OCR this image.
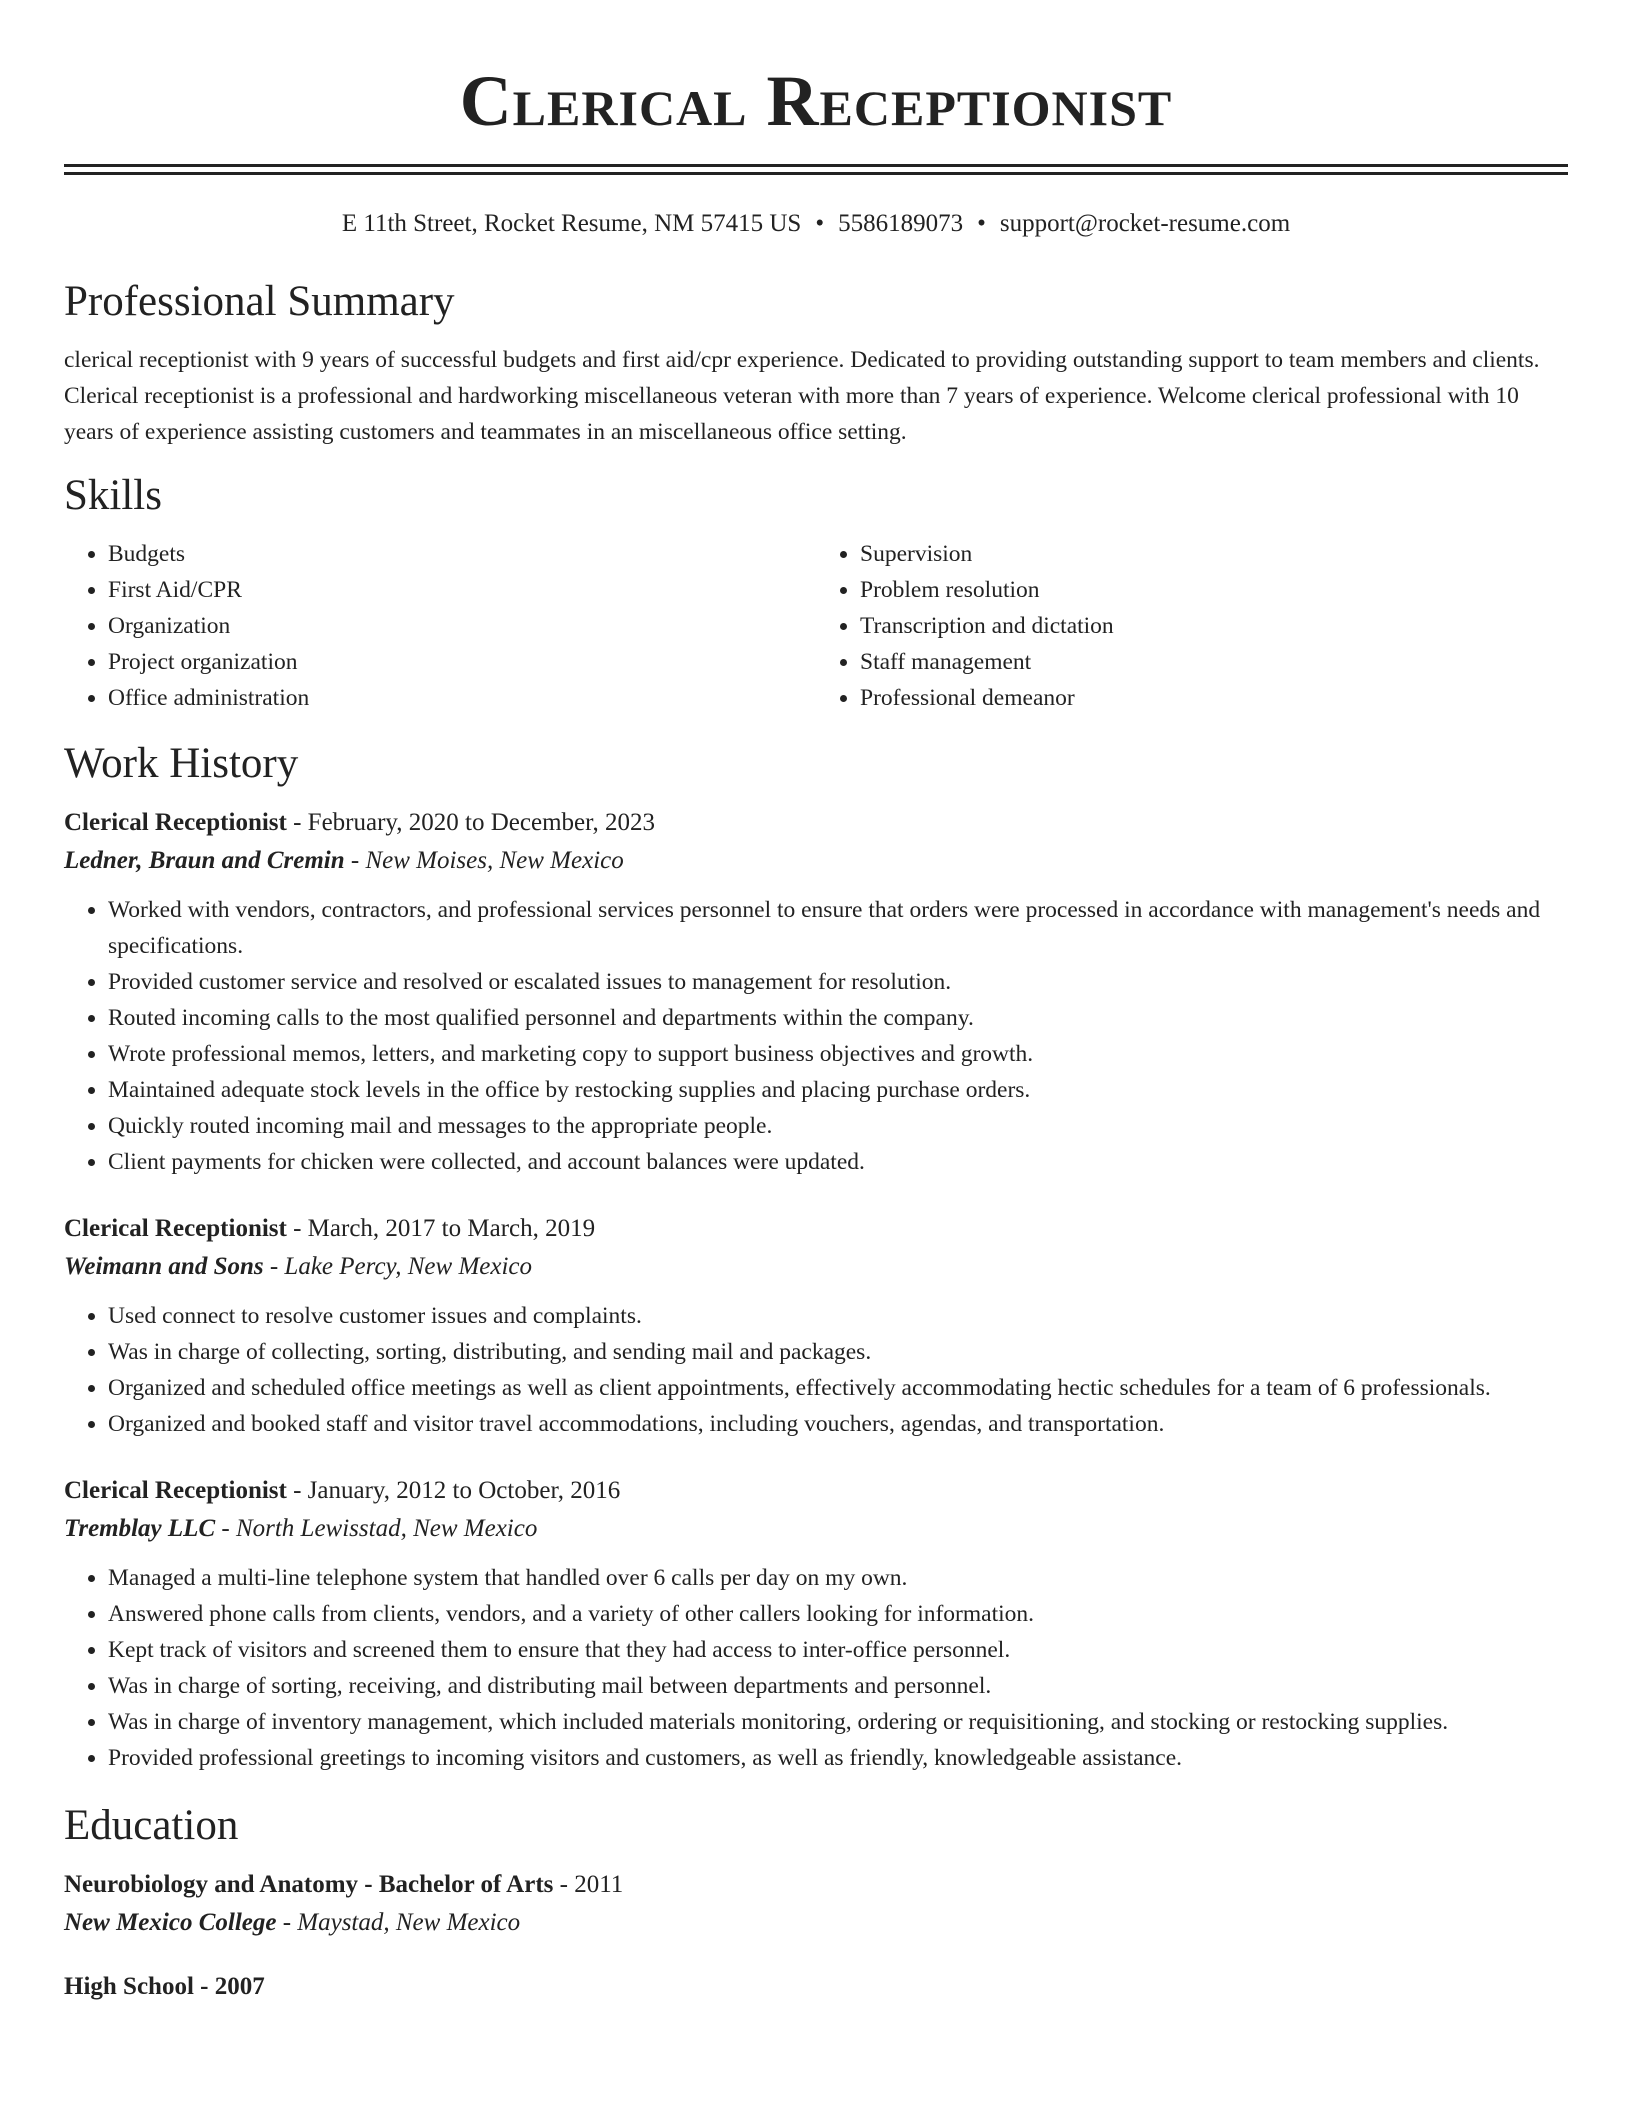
Clerical Receptionist
E 11th Street, Rocket Resume, NM 57415 US • 5586189073 • support@rocket-resume.com
Professional Summary
clerical receptionist with 9 years of successful budgets and first aid/cpr experience. Dedicated to providing outstanding support to team members and clients. Clerical receptionist is a professional and hardworking miscellaneous veteran with more than 7 years of experience. Welcome clerical professional with 10 years of experience assisting customers and teammates in an miscellaneous office setting.
Skills
• Budgets
• First Aid/CPR
• Organization
• Project organization
• Office administration
• Supervision
• Problem resolution
• Transcription and dictation
• Staff management
• Professional demeanor
Work History
Clerical Receptionist - February, 2020 to December, 2023
Ledner, Braun and Cremin - New Moises, New Mexico
• Worked with vendors, contractors, and professional services personnel to ensure that orders were processed in accordance with management's needs and specifications.
• Provided customer service and resolved or escalated issues to management for resolution.
• Routed incoming calls to the most qualified personnel and departments within the company.
• Wrote professional memos, letters, and marketing copy to support business objectives and growth.
• Maintained adequate stock levels in the office by restocking supplies and placing purchase orders.
• Quickly routed incoming mail and messages to the appropriate people.
• Client payments for chicken were collected, and account balances were updated.
Clerical Receptionist - March, 2017 to March, 2019
Weimann and Sons - Lake Percy, New Mexico
• Used connect to resolve customer issues and complaints.
• Was in charge of collecting, sorting, distributing, and sending mail and packages.
• Organized and scheduled office meetings as well as client appointments, effectively accommodating hectic schedules for a team of 6 professionals.
• Organized and booked staff and visitor travel accommodations, including vouchers, agendas, and transportation.
Clerical Receptionist - January, 2012 to October, 2016
Tremblay LLC - North Lewisstad, New Mexico
• Managed a multi-line telephone system that handled over 6 calls per day on my own.
• Answered phone calls from clients, vendors, and a variety of other callers looking for information.
• Kept track of visitors and screened them to ensure that they had access to inter-office personnel.
• Was in charge of sorting, receiving, and distributing mail between departments and personnel.
• Was in charge of inventory management, which included materials monitoring, ordering or requisitioning, and stocking or restocking supplies.
• Provided professional greetings to incoming visitors and customers, as well as friendly, knowledgeable assistance.
Education
Neurobiology and Anatomy - Bachelor of Arts - 2011
New Mexico College - Maystad, New Mexico
High School - 2007
